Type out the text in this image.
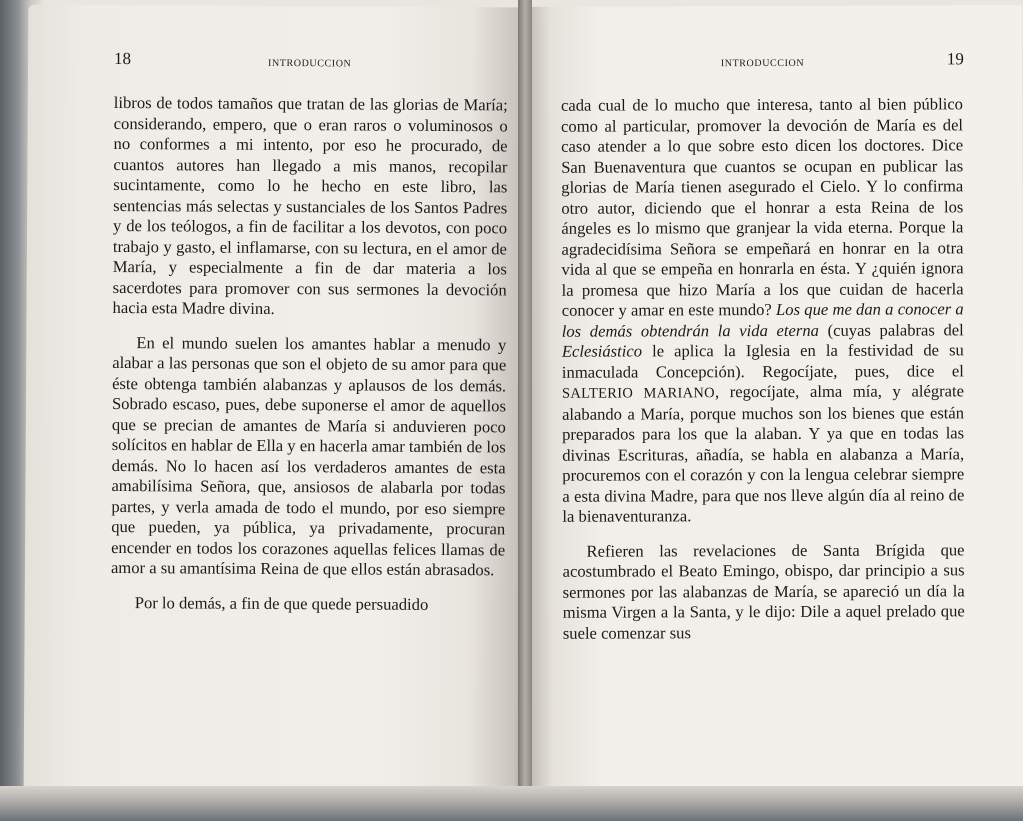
18	INTRODUCCION

libros de todos tamaños que tratan de las glorias de María; considerando, empero, que o eran raros o voluminosos o no conformes a mi intento, por eso he procurado, de cuantos autores han llegado a mis manos, recopilar sucintamente, como lo he hecho en este libro, las sentencias más selectas y sustanciales de los Santos Padres y de los teólogos, a fin de facilitar a los devotos, con poco trabajo y gasto, el inflamarse, con su lectura, en el amor de María, y especialmente a fin de dar materia a los sacerdotes para promover con sus sermones la devoción hacia esta Madre divina.

En el mundo suelen los amantes hablar a menudo y alabar a las personas que son el objeto de su amor para que éste obtenga también alabanzas y aplausos de los demás. Sobrado escaso, pues, debe suponerse el amor de aquellos que se precian de amantes de María si anduvieren poco solícitos en hablar de Ella y en hacerla amar también de los demás. No lo hacen así los verdaderos amantes de esta amabilísima Señora, que, ansiosos de alabarla por todas partes, y verla amada de todo el mundo, por eso siempre que pueden, ya pública, ya privadamente, procuran encender en todos los corazones aquellas felices llamas de amor a su amantísima Reina de que ellos están abrasados.

Por lo demás, a fin de que quede persuadido

INTRODUCCION	19

cada cual de lo mucho que interesa, tanto al bien público como al particular, promover la devoción de María es del caso atender a lo que sobre esto dicen los doctores. Dice San Buenaventura que cuantos se ocupan en publicar las glorias de María tienen asegurado el Cielo. Y lo confirma otro autor, diciendo que el honrar a esta Reina de los ángeles es lo mismo que granjear la vida eterna. Porque la agradecidísima Señora se empeñará en honrar en la otra vida al que se empeña en honrarla en ésta. Y ¿quién ignora la promesa que hizo María a los que cuidan de hacerla conocer y amar en este mundo? Los que me dan a conocer a los demás obtendrán la vida eterna (cuyas palabras del Eclesiástico le aplica la Iglesia en la festividad de su inmaculada Concepción). Regocíjate, pues, dice el SALTERIO MARIANO, regocíjate, alma mía, y alégrate alabando a María, porque muchos son los bienes que están preparados para los que la alaban. Y ya que en todas las divinas Escrituras, añadía, se habla en alabanza a María, procuremos con el corazón y con la lengua celebrar siempre a esta divina Madre, para que nos lleve algún día al reino de la bienaventuranza.

Refieren las revelaciones de Santa Brígida que acostumbrado el Beato Emingo, obispo, dar principio a sus sermones por las alabanzas de María, se apareció un día la misma Virgen a la Santa, y le dijo: Dile a aquel prelado que suele comenzar sus
